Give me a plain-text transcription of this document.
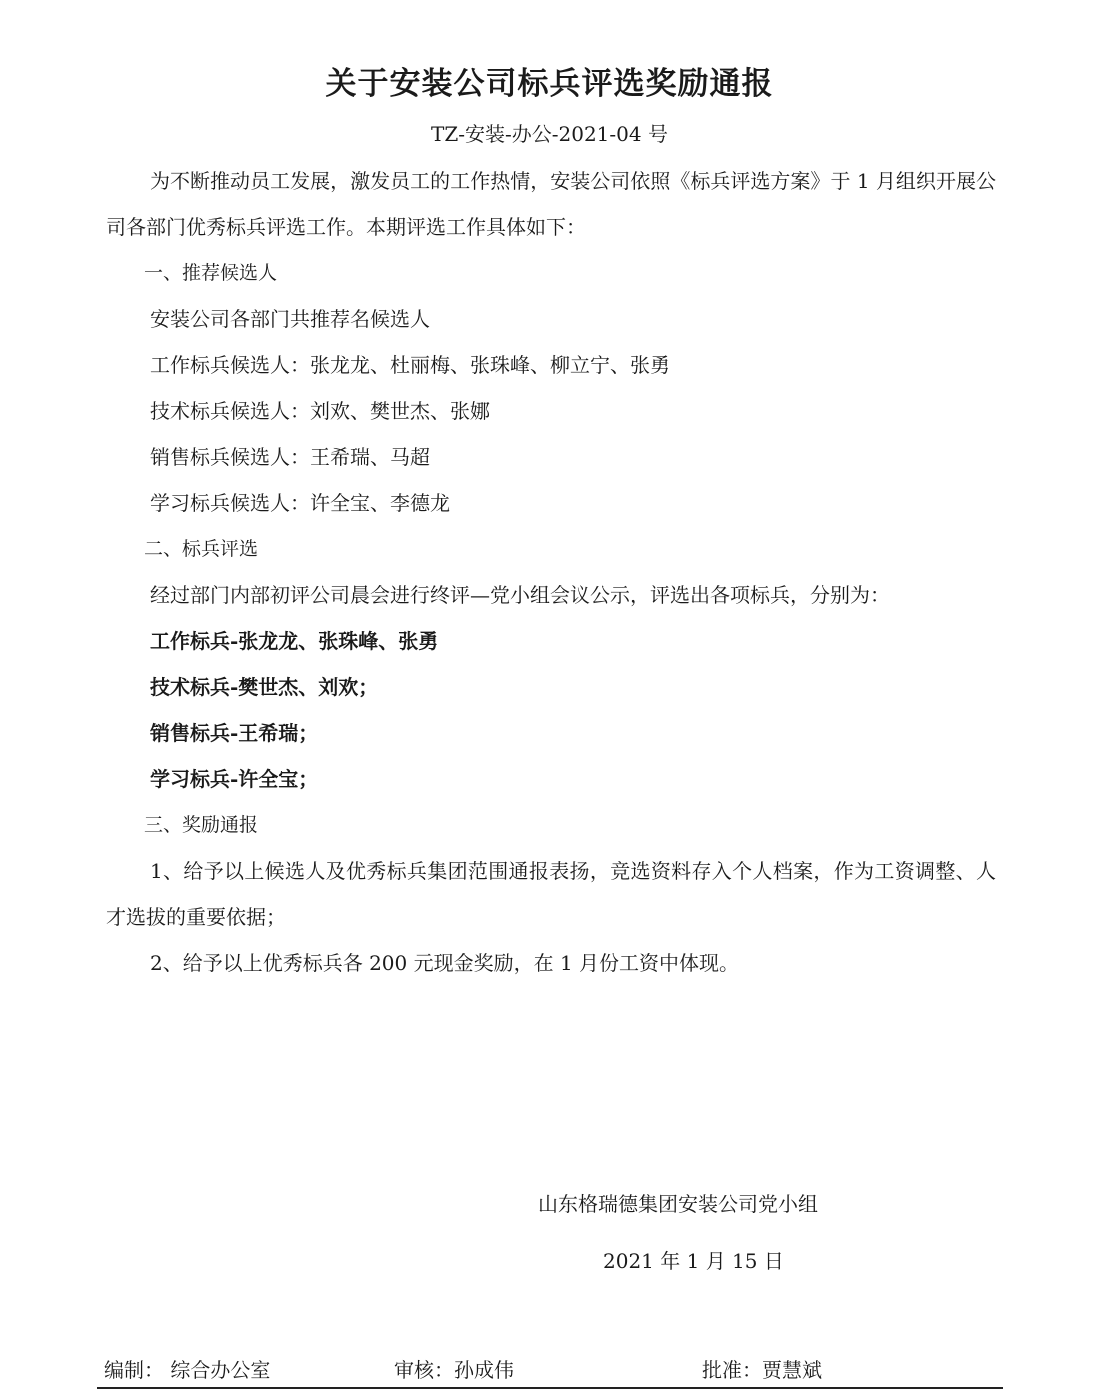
关于安装公司标兵评选奖励通报
TZ-安装-办公-2021-04 号

为不断推动员工发展，激发员工的工作热情，安装公司依照《标兵评选方案》于 1 月组织开展公司各部门优秀标兵评选工作。本期评选工作具体如下：

一、推荐候选人

安装公司各部门共推荐名候选人

工作标兵候选人：张龙龙、杜丽梅、张珠峰、柳立宁、张勇

技术标兵候选人：刘欢、樊世杰、张娜

销售标兵候选人：王希瑞、马超

学习标兵候选人：许全宝、李德龙

二、标兵评选

经过部门内部初评公司晨会进行终评—党小组会议公示，评选出各项标兵，分别为：

工作标兵-张龙龙、张珠峰、张勇

技术标兵-樊世杰、刘欢；

销售标兵-王希瑞；

学习标兵-许全宝；

三、奖励通报

1、给予以上候选人及优秀标兵集团范围通报表扬，竞选资料存入个人档案，作为工资调整、人才选拔的重要依据；

2、给予以上优秀标兵各 200 元现金奖励，在 1 月份工资中体现。

山东格瑞德集团安装公司党小组
2021 年 1 月 15 日
编制： 综合办公室	审核：孙成伟	批准：贾慧斌
